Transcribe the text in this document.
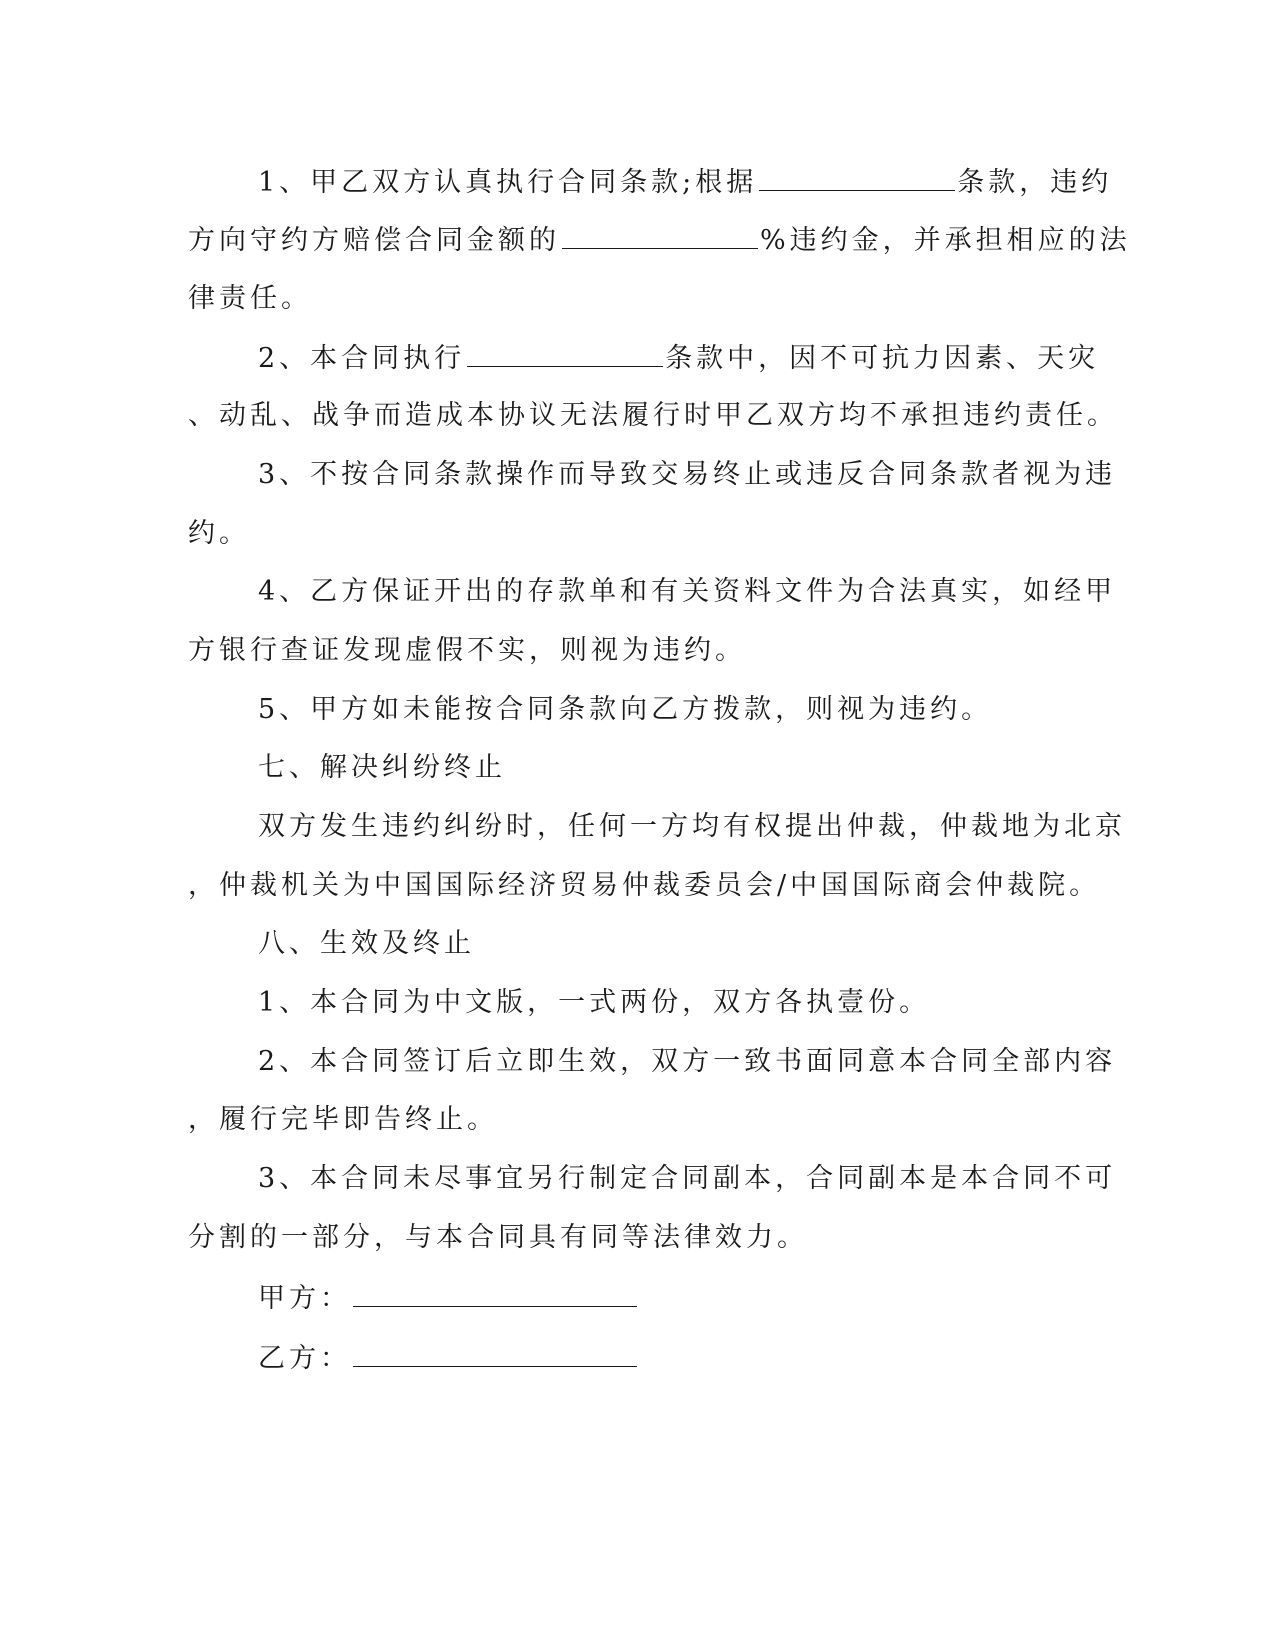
1、甲乙双方认真执行合同条款;根据	条款，违约
方向守约方赔偿合同金额的	%违约金，并承担相应的法
律责任。
2、本合同执行	条款中，因不可抗力因素、天灾
、动乱、战争而造成本协议无法履行时甲乙双方均不承担违约责任。
3、不按合同条款操作而导致交易终止或违反合同条款者视为违
约。
4、乙方保证开出的存款单和有关资料文件为合法真实，如经甲
方银行查证发现虚假不实，则视为违约。
5、甲方如未能按合同条款向乙方拨款，则视为违约。
七、解决纠纷终止
双方发生违约纠纷时，任何一方均有权提出仲裁，仲裁地为北京
，仲裁机关为中国国际经济贸易仲裁委员会/中国国际商会仲裁院。
八、生效及终止
1、本合同为中文版，一式两份，双方各执壹份。
2、本合同签订后立即生效，双方一致书面同意本合同全部内容
，履行完毕即告终止。
3、本合同未尽事宜另行制定合同副本，合同副本是本合同不可
分割的一部分，与本合同具有同等法律效力。
甲方：
乙方：
